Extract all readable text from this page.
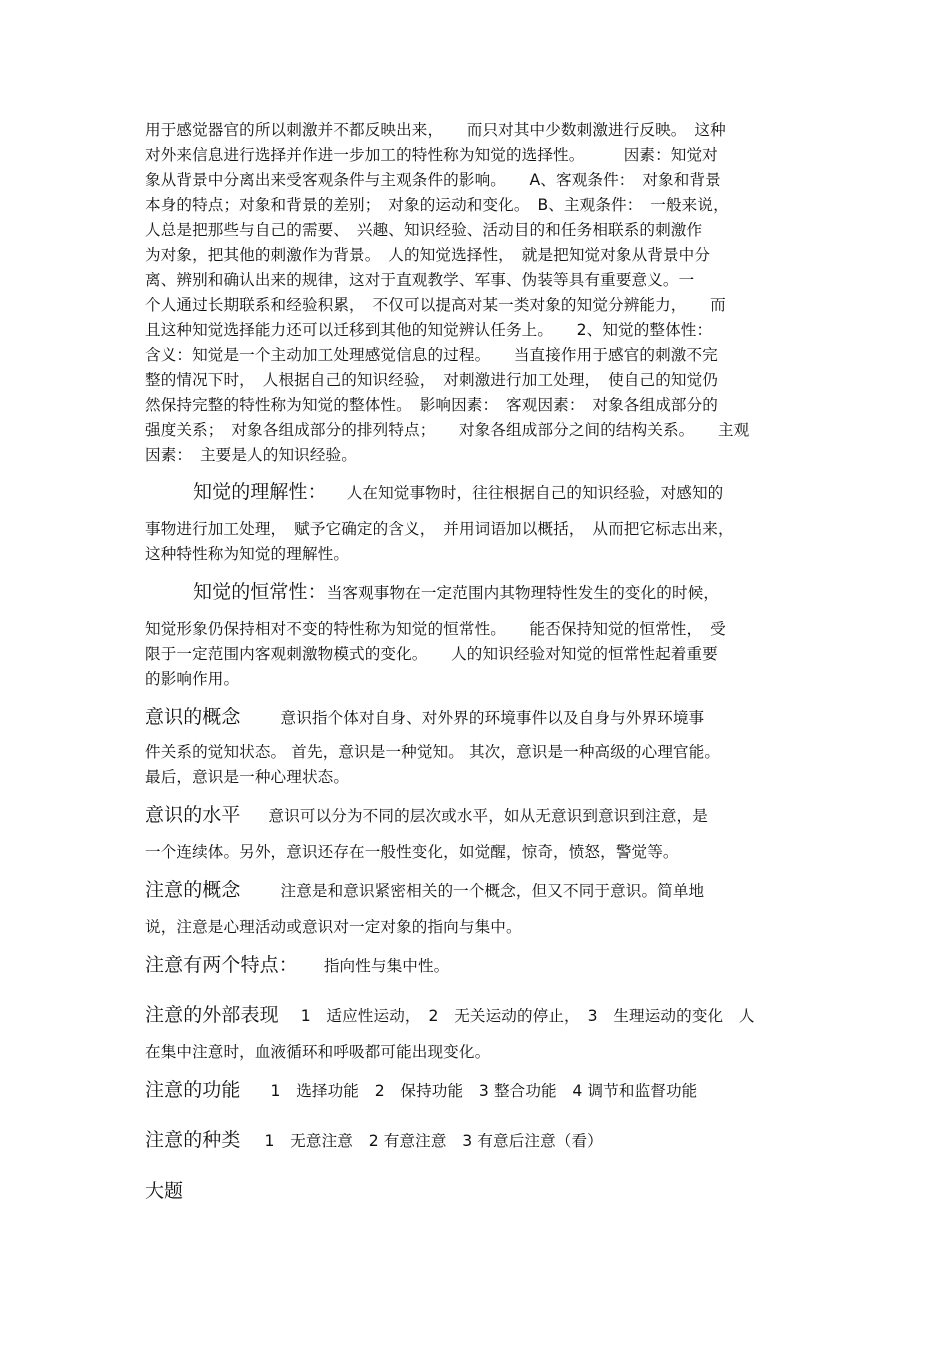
用于感觉器官的所以刺激并不都反映出来，　　而只对其中少数刺激进行反映。　这种
对外来信息进行选择并作进一步加工的特性称为知觉的选择性。　　　因素：知觉对
象从背景中分离出来受客观条件与主观条件的影响。　　A、客观条件：　对象和背景
本身的特点；对象和背景的差别；　对象的运动和变化。　B、主观条件：　一般来说，
人总是把那些与自己的需要、　兴趣、知识经验、活动目的和任务相联系的刺激作
为对象，把其他的刺激作为背景。　人的知觉选择性，　就是把知觉对象从背景中分
离、辨别和确认出来的规律，这对于直观教学、军事、伪装等具有重要意义。一
个人通过长期联系和经验积累，　不仅可以提高对某一类对象的知觉分辨能力，　　而
且这种知觉选择能力还可以迁移到其他的知觉辨认任务上。　　2、知觉的整体性：
含义：知觉是一个主动加工处理感觉信息的过程。　　当直接作用于感官的刺激不完
整的情况下时，　人根据自己的知识经验，　对刺激进行加工处理，　使自己的知觉仍
然保持完整的特性称为知觉的整体性。　影响因素：　客观因素：　对象各组成部分的
强度关系；　对象各组成部分的排列特点；　　对象各组成部分之间的结构关系。　　主观
因素：　主要是人的知识经验。
知觉的理解性： 人在知觉事物时，往往根据自己的知识经验，对感知的
事物进行加工处理，　赋予它确定的含义，　并用词语加以概括，　从而把它标志出来，
这种特性称为知觉的理解性。
知觉的恒常性：当客观事物在一定范围内其物理特性发生的变化的时候，
知觉形象仍保持相对不变的特性称为知觉的恒常性。　　能否保持知觉的恒常性，　受
限于一定范围内客观刺激物模式的变化。　　人的知识经验对知觉的恒常性起着重要
的影响作用。
意识的概念	意识指个体对自身、对外界的环境事件以及自身与外界环境事
件关系的觉知状态。 首先，意识是一种觉知。 其次，意识是一种高级的心理官能。
最后，意识是一种心理状态。
意识的水平 意识可以分为不同的层次或水平，如从无意识到意识到注意，是
一个连续体。另外，意识还存在一般性变化，如觉醒，惊奇，愤怒，警觉等。
注意的概念	注意是和意识紧密相关的一个概念，但又不同于意识。简单地
说，注意是心理活动或意识对一定对象的指向与集中。
注意有两个特点： 指向性与集中性。
注意的外部表现 1　适应性运动，　2　无关运动的停止，　3　生理运动的变化　人
在集中注意时，血液循环和呼吸都可能出现变化。
注意的功能 1　选择功能　2　保持功能　3 整合功能　4 调节和监督功能
注意的种类 1　无意注意　2 有意注意　3 有意后注意（看）
大题
